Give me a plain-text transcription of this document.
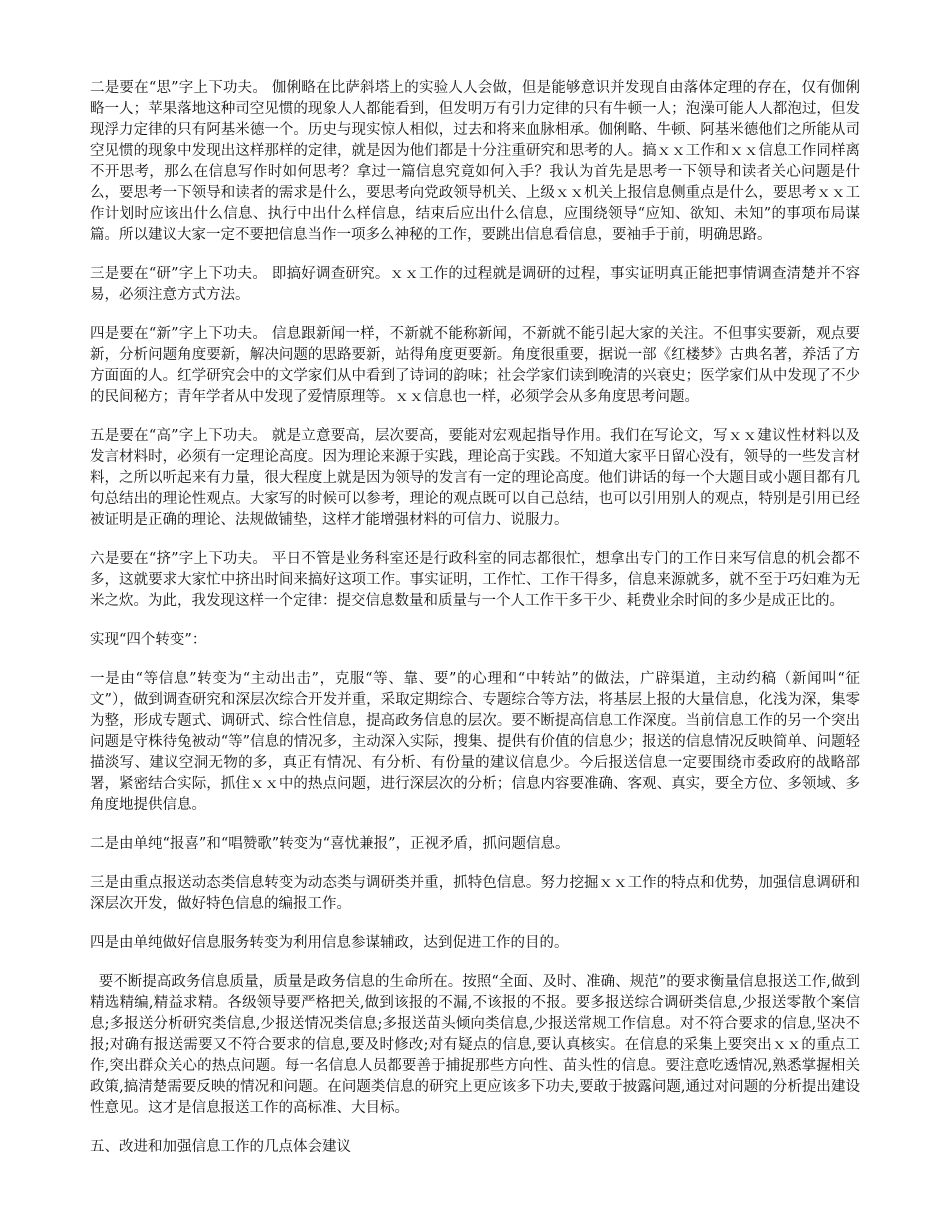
二是要在“思”字上下功夫。 伽俐略在比萨斜塔上的实验人人会做，但是能够意识并发现自由落体定理的存在，仅有伽俐略一人；苹果落地这种司空见惯的现象人人都能看到，但发明万有引力定律的只有牛顿一人；泡澡可能人人都泡过，但发现浮力定律的只有阿基米德一个。历史与现实惊人相似，过去和将来血脉相承。伽俐略、牛顿、阿基米德他们之所能从司空见惯的现象中发现出这样那样的定律，就是因为他们都是十分注重研究和思考的人。搞ｘｘ工作和ｘｘ信息工作同样离不开思考，那么在信息写作时如何思考？拿过一篇信息究竟如何入手？我认为首先是思考一下领导和读者关心问题是什么，要思考一下领导和读者的需求是什么，要思考向党政领导机关、上级ｘｘ机关上报信息侧重点是什么，要思考ｘｘ工作计划时应该出什么信息、执行中出什么样信息，结束后应出什么信息，应围绕领导“应知、欲知、未知”的事项布局谋篇。所以建议大家一定不要把信息当作一项多么神秘的工作，要跳出信息看信息，要袖手于前，明确思路。

三是要在“研”字上下功夫。 即搞好调查研究。ｘｘ工作的过程就是调研的过程，事实证明真正能把事情调查清楚并不容易，必须注意方式方法。

四是要在“新”字上下功夫。 信息跟新闻一样，不新就不能称新闻，不新就不能引起大家的关注。不但事实要新，观点要新，分析问题角度要新，解决问题的思路要新，站得角度更要新。角度很重要，据说一部《红楼梦》古典名著，养活了方方面面的人。红学研究会中的文学家们从中看到了诗词的韵味；社会学家们读到晚清的兴衰史；医学家们从中发现了不少的民间秘方；青年学者从中发现了爱情原理等。ｘｘ信息也一样，必须学会从多角度思考问题。

五是要在“高”字上下功夫。 就是立意要高，层次要高，要能对宏观起指导作用。我们在写论文，写ｘｘ建议性材料以及发言材料时，必须有一定理论高度。因为理论来源于实践，理论高于实践。不知道大家平日留心没有，领导的一些发言材料，之所以听起来有力量，很大程度上就是因为领导的发言有一定的理论高度。他们讲话的每一个大题目或小题目都有几句总结出的理论性观点。大家写的时候可以参考，理论的观点既可以自己总结，也可以引用别人的观点，特别是引用已经被证明是正确的理论、法规做铺垫，这样才能增强材料的可信力、说服力。

六是要在“挤”字上下功夫。 平日不管是业务科室还是行政科室的同志都很忙，想拿出专门的工作日来写信息的机会都不多，这就要求大家忙中挤出时间来搞好这项工作。事实证明，工作忙、工作干得多，信息来源就多，就不至于巧妇难为无米之炊。为此，我发现这样一个定律：提交信息数量和质量与一个人工作干多干少、耗费业余时间的多少是成正比的。

实现“四个转变”：

一是由“等信息”转变为“主动出击”，克服“等、靠、要”的心理和“中转站”的做法，广辟渠道，主动约稿（新闻叫“征文”），做到调查研究和深层次综合开发并重，采取定期综合、专题综合等方法，将基层上报的大量信息，化浅为深，集零为整，形成专题式、调研式、综合性信息，提高政务信息的层次。要不断提高信息工作深度。当前信息工作的另一个突出问题是守株待兔被动“等”信息的情况多，主动深入实际，搜集、提供有价值的信息少；报送的信息情况反映简单、问题轻描淡写、建议空洞无物的多，真正有情况、有分析、有份量的建议信息少。今后报送信息一定要围绕市委政府的战略部署，紧密结合实际，抓住ｘｘ中的热点问题，进行深层次的分析；信息内容要准确、客观、真实，要全方位、多领域、多角度地提供信息。

二是由单纯“报喜”和“唱赞歌”转变为“喜忧兼报”，正视矛盾，抓问题信息。

三是由重点报送动态类信息转变为动态类与调研类并重，抓特色信息。努力挖掘ｘｘ工作的特点和优势，加强信息调研和深层次开发，做好特色信息的编报工作。

四是由单纯做好信息服务转变为利用信息参谋辅政，达到促进工作的目的。

要不断提高政务信息质量，质量是政务信息的生命所在。按照“全面、及时、准确、规范”的要求衡量信息报送工作,做到精选精编,精益求精。各级领导要严格把关,做到该报的不漏,不该报的不报。要多报送综合调研类信息,少报送零散个案信息;多报送分析研究类信息,少报送情况类信息;多报送苗头倾向类信息,少报送常规工作信息。对不符合要求的信息,坚决不报;对确有报送需要又不符合要求的信息,要及时修改;对有疑点的信息,要认真核实。在信息的采集上要突出ｘｘ的重点工作,突出群众关心的热点问题。每一名信息人员都要善于捕捉那些方向性、苗头性的信息。要注意吃透情况,熟悉掌握相关政策,搞清楚需要反映的情况和问题。在问题类信息的研究上更应该多下功夫,要敢于披露问题,通过对问题的分析提出建设性意见。这才是信息报送工作的高标准、大目标。

五、改进和加强信息工作的几点体会建议
